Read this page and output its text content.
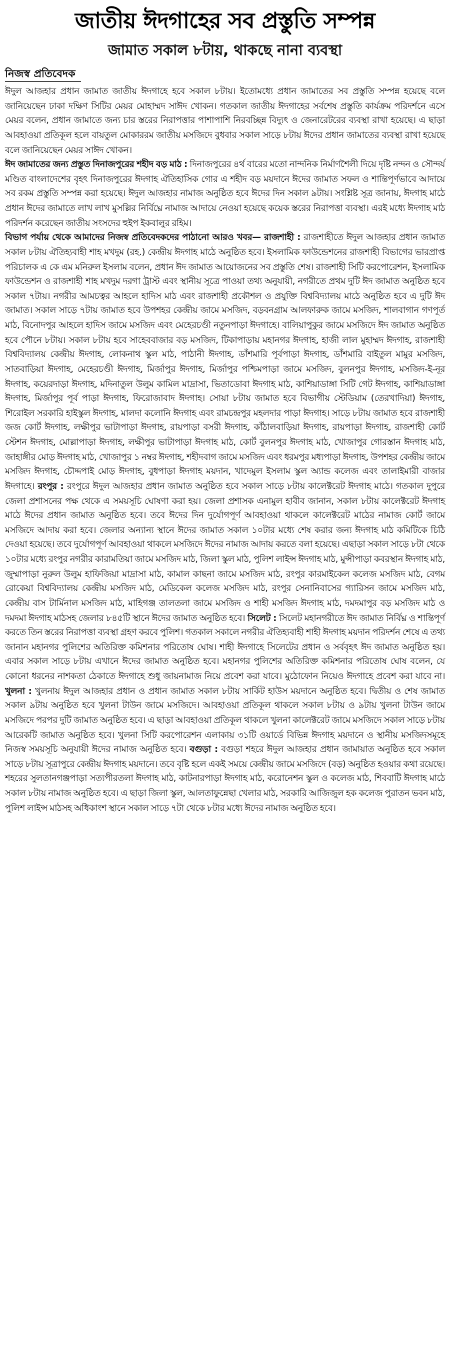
জাতীয় ঈদগাহের সব প্রস্তুতি সম্পন্ন
জামাত সকাল ৮টায়, থাকছে নানা ব্যবস্থা
নিজস্ব প্রতিবেদক

ঈদুল আজহার প্রধান জামাত জাতীয় ঈদগাহে হবে সকাল ৮টায়। ইতোমধ্যে প্রধান জামাতের সব প্রস্তুতি সম্পন্ন হয়েছে বলে জানিয়েছেন ঢাকা দক্ষিণ সিটির মেয়র মোহাম্মদ সাঈদ খোকন। গতকাল জাতীয় ঈদগাহের সর্বশেষ প্রস্তুতি কার্যক্রম পরিদর্শনে এসে মেয়র বলেন, প্রধান জামাতে জন্য চার স্তরের নিরাপত্তার পাশাপাশি নিরবচ্ছিন্ন বিদ্যুৎ ও জেনারেটরের ব্যবস্থা রাখা হয়েছে। এ ছাড়া আবহাওয়া প্রতিকূল হলে বায়তুল মোকাররম জাতীয় মসজিদে বুধবার সকাল সাড়ে ৮টায় ঈদের প্রধান জামাতের ব্যবস্থা রাখা হয়েছে বলে জানিয়েছেন মেয়র সাঈদ খোকন।

ঈদ জামাতের জন্য প্রস্তুত দিনাজপুরের শহীদ বড় মাঠ : দিনাজপুরের ৪র্থ বারের মতো নান্দনিক নির্মাণশৈলী দিয়ে দৃষ্টি নন্দন ও সৌন্দর্য মণ্ডিত বাংলাদেশের বৃহৎ দিনাজপুরের ঈদগাহ ঐতিহাসিক গোর এ শহীদ বড় ময়দানে ঈদের জামাত সফল ও শান্তিপূর্ণভাবে আদায়ে সব রকম প্রস্তুতি সম্পন্ন করা হয়েছে। ঈদুল আজহার নামাজ অনুষ্ঠিত হবে ঈদের দিন সকাল ৯টায়। সংশ্লিষ্ট সূত্র জানায়, ঈদগাহ মাঠে প্রধান ঈদের জামাতে লাখ লাখ মুসল্লির নির্বিঘ্নে নামাজ আদায়ে নেওয়া হয়েছে কয়েক স্তরের নিরাপত্তা ব্যবস্থা। এরই মধ্যে ঈদগাহ মাঠ পরিদর্শন করেছেন জাতীয় সংসদের হুইপ ইকবালুর রহিম।

বিভাগ পর্যায় থেকে আমাদের নিজস্ব প্রতিবেদকদের পাঠানো আরও খবর— রাজশাহী : রাজশাহীতে ঈদুল আজহার প্রধান জামাত সকাল ৮টায় ঐতিহ্যবাহী শাহ মখদুম (রহ.) কেন্দ্রীয় ঈদগাহ মাঠে অনুষ্ঠিত হবে। ইসলামিক ফাউন্ডেশনের রাজশাহী বিভাগের ভারপ্রাপ্ত পরিচালক এ কে এম মনিরুল ইসলাম বলেন, প্রধান ঈদ জামাত আয়োজনের সব প্রস্তুতি শেষ। রাজশাহী সিটি করপোরেশন, ইসলামিক ফাউন্ডেশন ও রাজশাহী শাহ মখদুম দরগা ট্রাস্ট এবং স্থানীয় সূত্রে পাওয়া তথ্য অনুযায়ী, নগরীতে প্রথম দুটি ঈদ জামাত অনুষ্ঠিত হবে সকাল ৭টায়। নগরীর আমচত্বর আহলে হাদিস মাঠ এবং রাজশাহী প্রকৌশল ও প্রযুক্তি বিশ্ববিদ্যালয় মাঠে অনুষ্ঠিত হবে এ দুটি ঈদ জামাত। সকাল সাড়ে ৭টায় জামাত হবে উপশহর কেন্দ্রীয় জামে মসজিদ, বড়বনগ্রাম আলফারুক জামে মসজিদ, শালবাগান গণপূর্ত মাঠ, বিনোদপুর আহলে হাদিস জামে মসজিদ এবং মেহেরচণ্ডী নতুনপাড়া ঈদগাহে। বালিয়াপুকুর জামে মসজিদে ঈদ জামাত অনুষ্ঠিত হবে পৌনে ৮টায়। সকাল ৮টায় হবে সাহেববাজার বড় মসজিদ, টিকাপাড়ায় মহানগর ঈদগাহ, হাজী লাল মুহাম্মদ ঈদগাহ, রাজশাহী বিশ্ববিদ্যালয় কেন্দ্রীয় ঈদগাহ, লোকনাথ স্কুল মাঠ, পাঠানী ঈদগাহ, ডাঁশমারি পূর্বপাড়া ঈদগাহ, ডাঁশমারি বাইতুল মামুর মসজিদ, সাতবাড়িয়া ঈদগাহ, মেহেরচণ্ডী ঈদগাহ, মির্জাপুর ঈদগাহ, মির্জাপুর পশ্চিমপাড়া জামে মসজিদ, বুলনপুর ঈদগাহ, মসজিদ-ই-নূর ঈদগাহ, কয়েরদাড়া ঈদগাহ, মদিনাতুল উলুম কামিল মাদ্রাসা, ভিতাডোবা ঈদগাহ মাঠ, কাশিয়াডাঙ্গা সিটি গেট ঈদগাহ, কাশিয়াডাঙ্গা ঈদগাহ, মির্জাপুর পূর্ব পাড়া ঈদগাহ, ফিরোজাবাদ ঈদগাহ। সোয়া ৮টায় জামাত হবে বিভাগীয় স্টেডিয়াম (তেরখাদিয়া) ঈদগাহ, শিরোইল সরকারি হাইস্কুল ঈদগাহ, মালদা কলোনি ঈদগাহ এবং রামচন্দ্রপুর মহলদার পাড়া ঈদগাহ। সাড়ে ৮টায় জামাত হবে রাজশাহী জজ কোর্ট ঈদগাহ, লক্ষীপুর ভাটাপাড়া ঈদগাহ, রায়পাড়া বসরী ঈদগাহ, কাঁঠালবাড়িয়া ঈদগাহ, রায়পাড়া ঈদগাহ, রাজশাহী কোর্ট স্টেশন ঈদগাহ, মোল্লাপাড়া ঈদগাহ, লক্ষীপুর ভাটাপাড়া ঈদগাহ মাঠ, কোর্ট বুলনপুর ঈদগাহ মাঠ, খোজাপুর গোরস্তান ঈদগাহ মাঠ, জাহাঙ্গীর মোড় ঈদগাহ মাঠ, খোজাপুর ১ নম্বর ঈদগাহ, শহীদবাগ জামে মসজিদ এবং ধরমপুর মধ্যপাড়া ঈদগাহ, উপশহর কেন্দ্রীয় জামে মসজিদ ঈদগাহ, চৌদ্দপাই মোড় ঈদগাহ, বুধপাড়া ঈদগাহ ময়দান, খাদেমুল ইসলাম স্কুল অ্যান্ড কলেজ এবং তালাইমারী বাজার ঈদগাহে। রংপুর : রংপুরে ঈদুল আজহার প্রধান জামাত অনুষ্ঠিত হবে সকাল সাড়ে ৮টায় কালেক্টরেট ঈদগাহ মাঠে। গতকাল দুপুরে জেলা প্রশাসনের পক্ষ থেকে এ সময়সূচি ঘোষণা করা হয়। জেলা প্রশাসক এনামুল হাবীব জানান, সকাল ৮টায় কালেক্টরেট ঈদগাহ মাঠে ঈদের প্রধান জামাত অনুষ্ঠিত হবে। তবে ঈদের দিন দুর্যোগপূর্ণ আবহাওয়া থাকলে কালেক্টরেট মাঠের নামাজ কোর্ট জামে মসজিদে আদায় করা হবে। জেলার অন্যান্য স্থানে ঈদের জামাত সকাল ১০টার মধ্যে শেষ করার জন্য ঈদগাহ মাঠ কমিটিকে চিঠি দেওয়া হয়েছে। তবে দুর্যোগপূর্ণ আবহাওয়া থাকলে মসজিদে ঈদের নামাজ আদায় করতে বলা হয়েছে। এছাড়া সকাল সাড়ে ৮টা থেকে ১০টার মধ্যে রংপুর নগরীর কারামতিয়া জামে মসজিদ মাঠ, জিলা স্কুল মাঠ, পুলিশ লাইন্স ঈদগাহ মাঠ, মুন্সীপাড়া কবরস্থান ঈদগাহ মাঠ, জুম্মাপাড়া নুরুল উলুম হাফিজিয়া মাদ্রাসা মাঠ, কামাল কাছনা জামে মসজিদ মাঠ, রংপুর কারমাইকেল কলেজ মসজিদ মাঠ, বেগম রোকেয়া বিশ্ববিদ্যালয় কেন্দ্রীয় মসজিদ মাঠ, মেডিকেল কলেজ মসজিদ মাঠ, রংপুর সেনানিবাসের গ্যারিসন জামে মসজিদ মাঠ, কেন্দ্রীয় বাস টার্মিনাল মসজিদ মাঠ, মাহিগঞ্জ তালতলা জামে মসজিদ ও শাহী মসজিদ ঈদগাহ মাঠ, দমদমাপুর বড় মসজিদ মাঠ ও দমদমা ঈদগাহ মাঠসহ জেলার ৮৪৫টি স্থানে ঈদের জামাত অনুষ্ঠিত হবে। সিলেট : সিলেট মহানগরীতে ঈদ জামাত নির্বিঘ্ন ও শান্তিপূর্ণ করতে তিন স্তরের নিরাপত্তা ব্যবস্থা গ্রহণ করবে পুলিশ। গতকাল সকালে নগরীর ঐতিহ্যবাহী শাহী ঈদগাহ ময়দান পরিদর্শন শেষে এ তথ্য জানান মহানগর পুলিশের অতিরিক্ত কমিশনার পরিতোষ ঘোষ। শাহী ঈদগাহে সিলেটের প্রধান ও সর্ববৃহৎ ঈদ জামাত অনুষ্ঠিত হয়। এবার সকাল সাড়ে ৮টায় এখানে ঈদের জামাত অনুষ্ঠিত হবে। মহানগর পুলিশের অতিরিক্ত কমিশনার পরিতোষ ঘোষ বলেন, যে কোনো ধরনের নাশকতা ঠেকাতে ঈদগাহে শুধু জায়নামাজ নিয়ে প্রবেশ করা যাবে। মুঠোফোন নিয়েও ঈদগাহে প্রবেশ করা যাবে না। খুলনা : খুলনায় ঈদুল আজহার প্রধান ও প্রধান জামাত সকাল ৮টায় সার্কিট হাউস ময়দানে অনুষ্ঠিত হবে। দ্বিতীয় ও শেষ জামাত সকাল ৯টায় অনুষ্ঠিত হবে খুলনা টাউন জামে মসজিদে। আবহাওয়া প্রতিকূল থাকলে সকাল ৮টায় ও ৯টায় খুলনা টাউন জামে মসজিদে পরপর দুটি জামাত অনুষ্ঠিত হবে। এ ছাড়া আবহাওয়া প্রতিকূল থাকলে খুলনা কালেক্টরেট জামে মসজিদে সকাল সাড়ে ৮টায় আরেকটি জামাত অনুষ্ঠিত হবে। খুলনা সিটি করপোরেশন এলাকায় ৩১টি ওয়ার্ডে বিভিন্ন ঈদগাহ ময়দানে ও স্থানীয় মসজিদসমূহে নিজস্ব সময়সূচি অনুযায়ী ঈদের নামাজ অনুষ্ঠিত হবে। বগুড়া : বগুড়া শহরে ঈদুল আজহার প্রধান জামায়াত অনুষ্ঠিত হবে সকাল সাড়ে ৮টায় সূত্রাপুরে কেন্দ্রীয় ঈদগাহ ময়দানে। তবে বৃষ্টি হলে একই সময়ে কেন্দ্রীয় জামে মসজিদে (বড়) অনুষ্ঠিত হওয়ার কথা রয়েছে। শহরের সুলতানগঞ্জপাড়া সত্যপীরতলা ঈদগাহ মাঠ, কাটনারপাড়া ঈদগাহ মাঠ, করোনেশন স্কুল ও কলেজ মাঠ, শিববাটি ঈদগাহ মাঠে সকাল ৮টায় নামাজ অনুষ্ঠিত হবে। এ ছাড়া জিলা স্কুল, আলতাফুন্নেছা খেলার মাঠ, সরকারি আজিজুল হক কলেজ পুরাতন ভবন মাঠ, পুলিশ লাইন্স মাঠসহ অধিকাংশ স্থানে সকাল সাড়ে ৭টা থেকে ৮টার মধ্যে ঈদের নামাজ অনুষ্ঠিত হবে।
